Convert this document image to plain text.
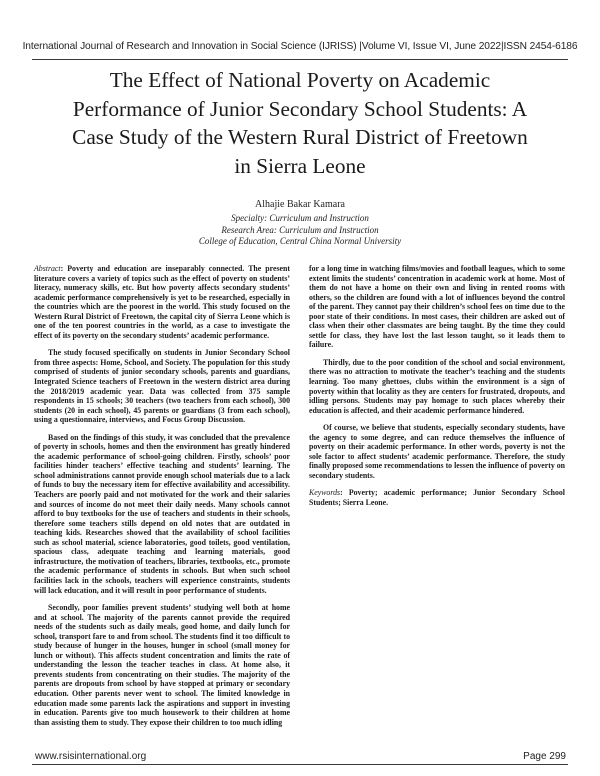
International Journal of Research and Innovation in Social Science (IJRISS) |Volume VI, Issue VI, June 2022|ISSN 2454-6186
The Effect of National Poverty on Academic Performance of Junior Secondary School Students: A Case Study of the Western Rural District of Freetown in Sierra Leone
Alhajie Bakar Kamara
Specialty: Curriculum and Instruction
Research Area: Curriculum and Instruction
College of Education, Central China Normal University

Abstract: Poverty and education are inseparably connected. The present literature covers a variety of topics such as the effect of poverty on students’ literacy, numeracy skills, etc. But how poverty affects secondary students’ academic performance comprehensively is yet to be researched, especially in the countries which are the poorest in the world. This study focused on the Western Rural District of Freetown, the capital city of Sierra Leone which is one of the ten poorest countries in the world, as a case to investigate the effect of its poverty on the secondary students’ academic performance.

The study focused specifically on students in Junior Secondary School from three aspects: Home, School, and Society. The population for this study comprised of students of junior secondary schools, parents and guardians, Integrated Science teachers of Freetown in the western district area during the 2018/2019 academic year. Data was collected from 375 sample respondents in 15 schools; 30 teachers (two teachers from each school), 300 students (20 in each school), 45 parents or guardians (3 from each school), using a questionnaire, interviews, and Focus Group Discussion.

Based on the findings of this study, it was concluded that the prevalence of poverty in schools, homes and then the environment has greatly hindered the academic performance of school-going children. Firstly, schools’ poor facilities hinder teachers’ effective teaching and students’ learning. The school administrations cannot provide enough school materials due to a lack of funds to buy the necessary item for effective availability and accessibility. Teachers are poorly paid and not motivated for the work and their salaries and sources of income do not meet their daily needs. Many schools cannot afford to buy textbooks for the use of teachers and students in their schools, therefore some teachers stills depend on old notes that are outdated in teaching kids. Researches showed that the availability of school facilities such as school material, science laboratories, good toilets, good ventilation, spacious class, adequate teaching and learning materials, good infrastructure, the motivation of teachers, libraries, textbooks, etc., promote the academic performance of students in schools. But when such school facilities lack in the schools, teachers will experience constraints, students will lack education, and it will result in poor performance of students.

Secondly, poor families prevent students’ studying well both at home and at school. The majority of the parents cannot provide the required needs of the students such as daily meals, good home, and daily lunch for school, transport fare to and from school. The students find it too difficult to study because of hunger in the houses, hunger in school (small money for lunch or without). This affects student concentration and limits the rate of understanding the lesson the teacher teaches in class. At home also, it prevents students from concentrating on their studies. The majority of the parents are dropouts from school by have stopped at primary or secondary education. Other parents never went to school. The limited knowledge in education made some parents lack the aspirations and support in investing in education. Parents give too much housework to their children at home than assisting them to study. They expose their children to too much idling

for a long time in watching films/movies and football leagues, which to some extent limits the students’ concentration in academic work at home. Most of them do not have a home on their own and living in rented rooms with others, so the children are found with a lot of influences beyond the control of the parent. They cannot pay their children’s school fees on time due to the poor state of their conditions. In most cases, their children are asked out of class when their other classmates are being taught. By the time they could settle for class, they have lost the last lesson taught, so it leads them to failure.

Thirdly, due to the poor condition of the school and social environment, there was no attraction to motivate the teacher’s teaching and the students learning. Too many ghettoes, clubs within the environment is a sign of poverty within that locality as they are centers for frustrated, dropouts, and idling persons. Students may pay homage to such places whereby their education is affected, and their academic performance hindered.

Of course, we believe that students, especially secondary students, have the agency to some degree, and can reduce themselves the influence of poverty on their academic performance. In other words, poverty is not the sole factor to affect students’ academic performance. Therefore, the study finally proposed some recommendations to lessen the influence of poverty on secondary students.

Keywords: Poverty; academic performance; Junior Secondary School Students; Sierra Leone.

www.rsisinternational.org	Page 299
